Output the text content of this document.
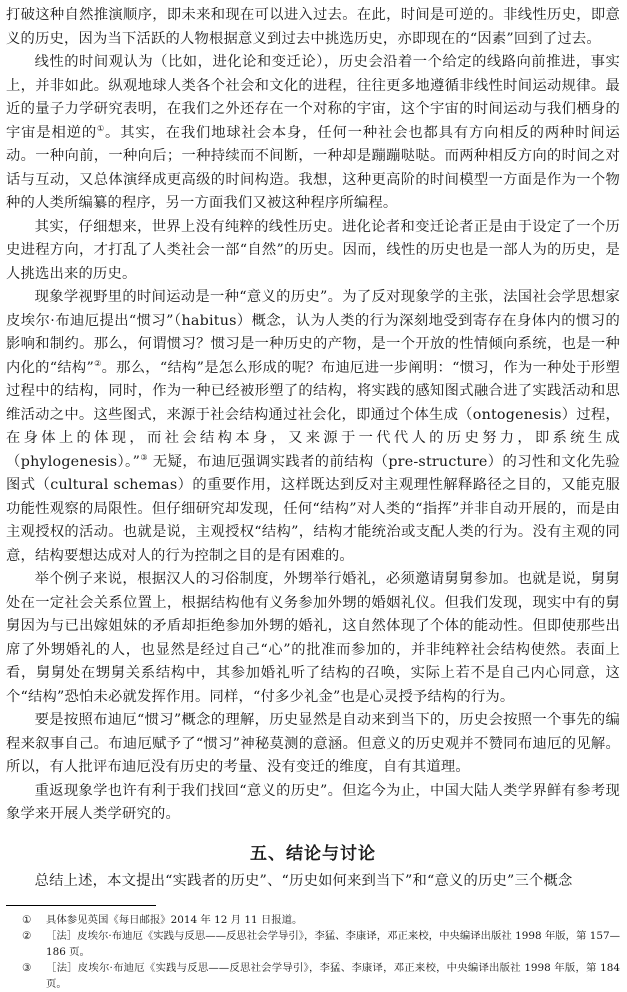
打破这种自然推演顺序，即未来和现在可以进入过去。在此，时间是可逆的。非线性历史，即意义的历史，因为当下活跃的人物根据意义到过去中挑选历史，亦即现在的“因素”回到了过去。

线性的时间观认为（比如，进化论和变迁论），历史会沿着一个给定的线路向前推进，事实上，并非如此。纵观地球人类各个社会和文化的进程，往往更多地遵循非线性时间运动规律。最近的量子力学研究表明，在我们之外还存在一个对称的宇宙，这个宇宙的时间运动与我们栖身的宇宙是相逆的①。其实，在我们地球社会本身，任何一种社会也都具有方向相反的两种时间运动。一种向前，一种向后；一种持续而不间断，一种却是蹦蹦哒哒。而两种相反方向的时间之对话与互动，又总体演绎成更高级的时间构造。我想，这种更高阶的时间模型一方面是作为一个物种的人类所编纂的程序，另一方面我们又被这种程序所编程。

其实，仔细想来，世界上没有纯粹的线性历史。进化论者和变迁论者正是由于设定了一个历史进程方向，才打乱了人类社会一部“自然”的历史。因而，线性的历史也是一部人为的历史，是人挑选出来的历史。

现象学视野里的时间运动是一种“意义的历史”。为了反对现象学的主张，法国社会学思想家皮埃尔·布迪厄提出“惯习”（habitus）概念，认为人类的行为深刻地受到寄存在身体内的惯习的影响和制约。那么，何谓惯习？惯习是一种历史的产物，是一个开放的性情倾向系统，也是一种内化的“结构”②。那么，“结构”是怎么形成的呢？布迪厄进一步阐明：“惯习，作为一种处于形塑过程中的结构，同时，作为一种已经被形塑了的结构，将实践的感知图式融合进了实践活动和思维活动之中。这些图式，来源于社会结构通过社会化，即通过个体生成（ontogenesis）过程，在身体上的体现，而社会结构本身，又来源于一代代人的历史努力，即系统生成（phylogenesis）。”③ 无疑，布迪厄强调实践者的前结构（pre-structure）的习性和文化先验图式（cultural schemas）的重要作用，这样既达到反对主观理性解释路径之目的，又能克服功能性观察的局限性。但仔细研究却发现，任何“结构”对人类的“指挥”并非自动开展的，而是由主观授权的活动。也就是说，主观授权“结构”，结构才能统治或支配人类的行为。没有主观的同意，结构要想达成对人的行为控制之目的是有困难的。

举个例子来说，根据汉人的习俗制度，外甥举行婚礼，必须邀请舅舅参加。也就是说，舅舅处在一定社会关系位置上，根据结构他有义务参加外甥的婚姻礼仪。但我们发现，现实中有的舅舅因为与已出嫁姐妹的矛盾却拒绝参加外甥的婚礼，这自然体现了个体的能动性。但即使那些出席了外甥婚礼的人，也显然是经过自己“心”的批准而参加的，并非纯粹社会结构使然。表面上看，舅舅处在甥舅关系结构中，其参加婚礼听了结构的召唤，实际上若不是自己内心同意，这个“结构”恐怕未必就发挥作用。同样，“付多少礼金”也是心灵授予结构的行为。

要是按照布迪厄“惯习”概念的理解，历史显然是自动来到当下的，历史会按照一个事先的编程来叙事自己。布迪厄赋予了“惯习”神秘莫测的意涵。但意义的历史观并不赞同布迪厄的见解。所以，有人批评布迪厄没有历史的考量、没有变迁的维度，自有其道理。

重返现象学也许有利于我们找回“意义的历史”。但迄今为止，中国大陆人类学界鲜有参考现象学来开展人类学研究的。

五、结论与讨论

总结上述，本文提出“实践者的历史”、“历史如何来到当下”和“意义的历史”三个概念

①	具体参见英国《每日邮报》2014 年 12 月 11 日报道。
②	［法］皮埃尔·布迪厄《实践与反思——反思社会学导引》，李猛、李康译，邓正来校，中央编译出版社 1998 年版，第 157—186 页。
③	［法］皮埃尔·布迪厄《实践与反思——反思社会学导引》，李猛、李康译，邓正来校，中央编译出版社 1998 年版，第 184 页。
